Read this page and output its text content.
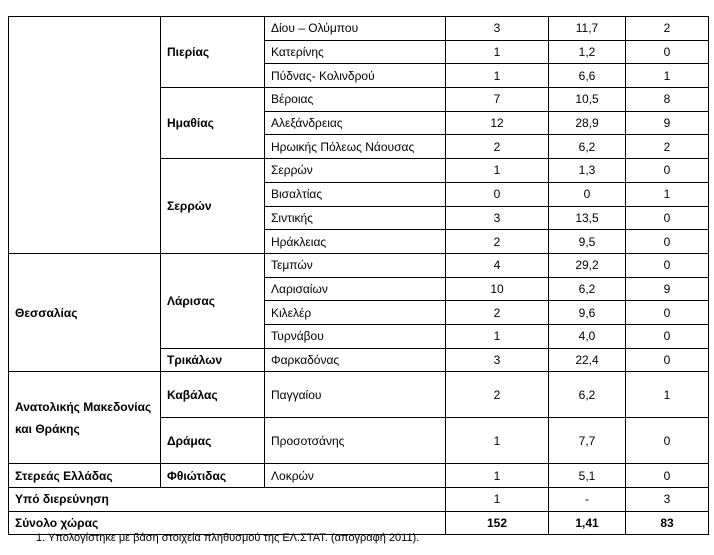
	Πιερίας	Δίου – Ολύμπου	3	11,7	2
		Κατερίνης	1	1,2	0
		Πύδνας- Κολινδρού	1	6,6	1
	Ημαθίας	Βέροιας	7	10,5	8
		Αλεξάνδρειας	12	28,9	9
		Ηρωικής Πόλεως Νάουσας	2	6,2	2
	Σερρών	Σερρών	1	1,3	0
		Βισαλτίας	0	0	1
		Σιντικής	3	13,5	0
		Ηράκλειας	2	9,5	0
Θεσσαλίας	Λάρισας	Τεμπών	4	29,2	0
		Λαρισαίων	10	6,2	9
		Κιλελέρ	2	9,6	0
		Τυρνάβου	1	4,0	0
	Τρικάλων	Φαρκαδόνας	3	22,4	0

Ανατολικής Μακεδονίας
και Θράκης	Καβάλας	Παγγαίου	2	6,2	1
	Δράμας	Προσοτσάνης	1	7,7	0
Στερεάς Ελλάδας	Φθιώτιδας	Λοκρών	1	5,1	0
Υπό διερεύνηση			1	-	3
Σύνολο χώρας			152	1,41	83
1. Υπολογίστηκε με βάση στοιχεία πληθυσμού της ΕΛ.ΣΤΑΤ. (απογραφή 2011).
